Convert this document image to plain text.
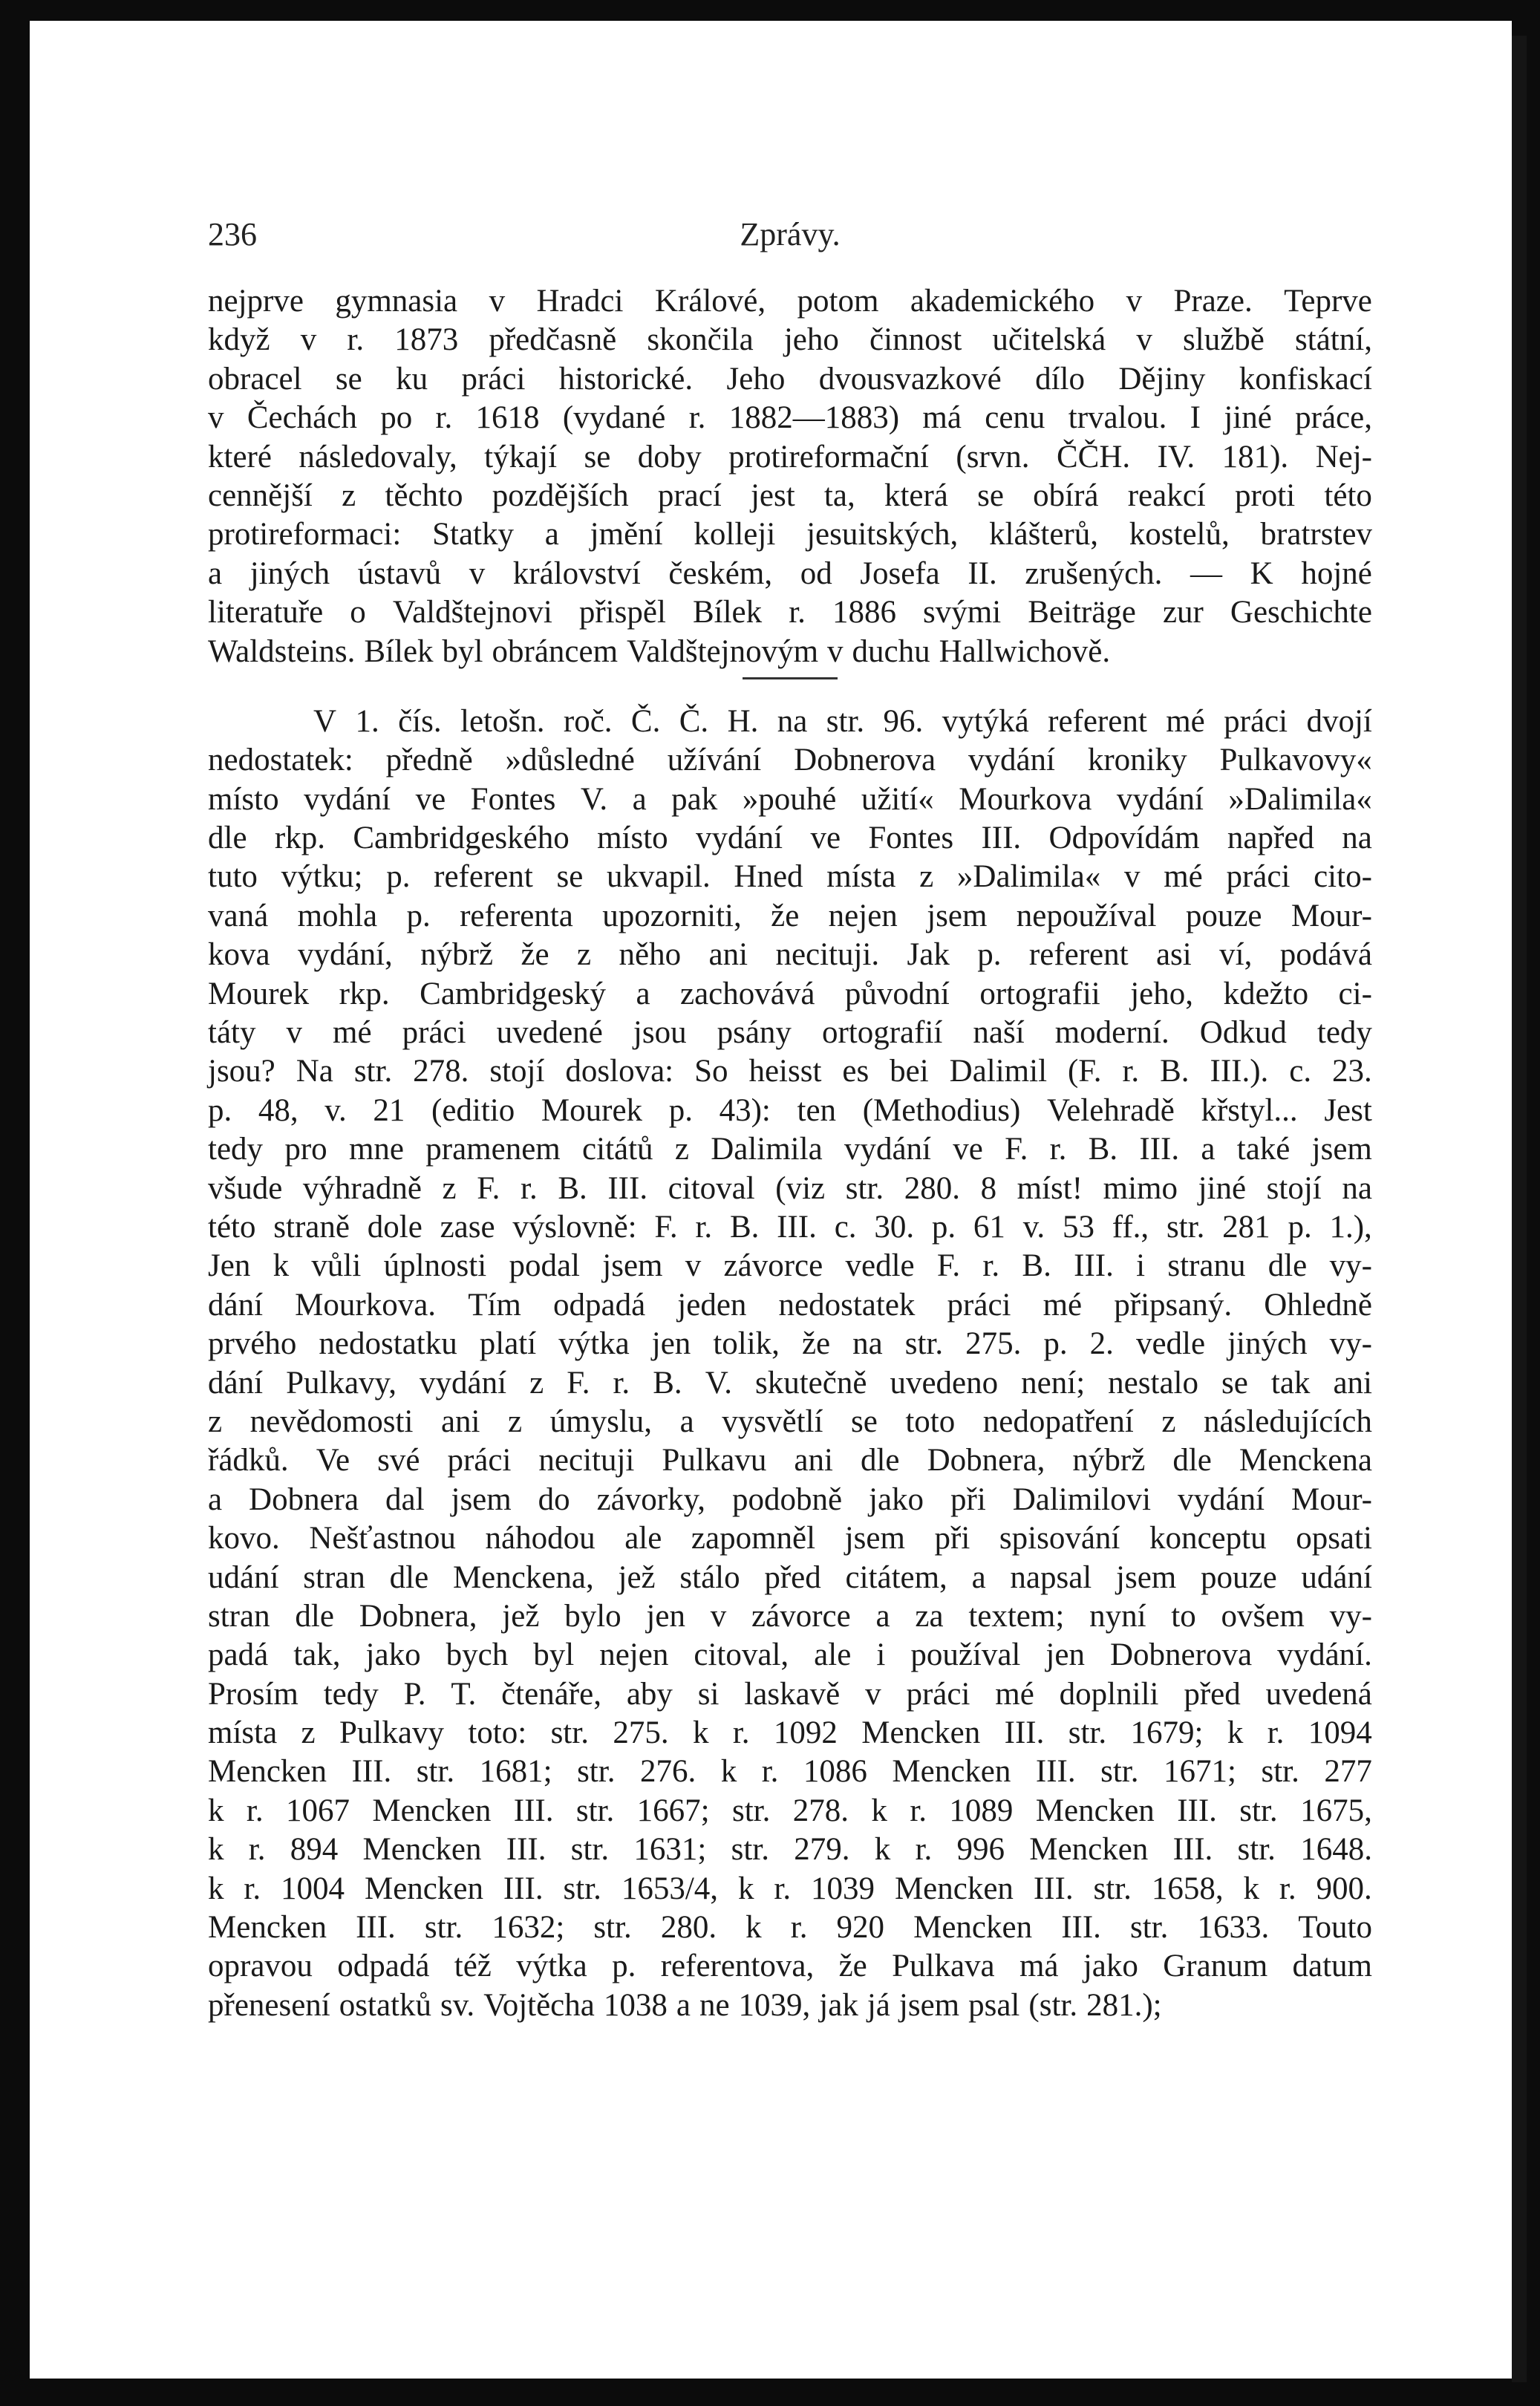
236	Zprávy.
nejprve gymnasia v Hradci Králové, potom akademického v Praze. Teprve
když v r. 1873 předčasně skončila jeho činnost učitelská v službě státní,
obracel se ku práci historické. Jeho dvousvazkové dílo Dějiny konfiskací
v Čechách po r. 1618 (vydané r. 1882—1883) má cenu trvalou. I jiné práce,
které následovaly, týkají se doby protireformační (srvn. ČČH. IV. 181). Nej-
cennější z těchto pozdějších prací jest ta, která se obírá reakcí proti této
protireformaci: Statky a jmění kolleji jesuitských, klášterů, kostelů, bratrstev
a jiných ústavů v království českém, od Josefa II. zrušených. — K hojné
literatuře o Valdštejnovi přispěl Bílek r. 1886 svými Beiträge zur Geschichte
Waldsteins. Bílek byl obráncem Valdštejnovým v duchu Hallwichově.
V 1. čís. letošn. roč. Č. Č. H. na str. 96. vytýká referent mé práci dvojí
nedostatek: předně »důsledné užívání Dobnerova vydání kroniky Pulkavovy«
místo vydání ve Fontes V. a pak »pouhé užití« Mourkova vydání »Dalimila«
dle rkp. Cambridgeského místo vydání ve Fontes III. Odpovídám napřed na
tuto výtku; p. referent se ukvapil. Hned místa z »Dalimila« v mé práci cito-
vaná mohla p. referenta upozorniti, že nejen jsem nepoužíval pouze Mour-
kova vydání, nýbrž že z něho ani necituji. Jak p. referent asi ví, podává
Mourek rkp. Cambridgeský a zachovává původní ortografii jeho, kdežto ci-
táty v mé práci uvedené jsou psány ortografií naší moderní. Odkud tedy
jsou? Na str. 278. stojí doslova: So heisst es bei Dalimil (F. r. B. III.). c. 23.
p. 48, v. 21 (editio Mourek p. 43): ten (Methodius) Velehradě křstyl... Jest
tedy pro mne pramenem citátů z Dalimila vydání ve F. r. B. III. a také jsem
všude výhradně z F. r. B. III. citoval (viz str. 280. 8 míst! mimo jiné stojí na
této straně dole zase výslovně: F. r. B. III. c. 30. p. 61 v. 53 ff., str. 281 p. 1.),
Jen k vůli úplnosti podal jsem v závorce vedle F. r. B. III. i stranu dle vy-
dání Mourkova. Tím odpadá jeden nedostatek práci mé připsaný. Ohledně
prvého nedostatku platí výtka jen tolik, že na str. 275. p. 2. vedle jiných vy-
dání Pulkavy, vydání z F. r. B. V. skutečně uvedeno není; nestalo se tak ani
z nevědomosti ani z úmyslu, a vysvětlí se toto nedopatření z následujících
řádků. Ve své práci necituji Pulkavu ani dle Dobnera, nýbrž dle Menckena
a Dobnera dal jsem do závorky, podobně jako při Dalimilovi vydání Mour-
kovo. Nešťastnou náhodou ale zapomněl jsem při spisování konceptu opsati
udání stran dle Menckena, jež stálo před citátem, a napsal jsem pouze udání
stran dle Dobnera, jež bylo jen v závorce a za textem; nyní to ovšem vy-
padá tak, jako bych byl nejen citoval, ale i používal jen Dobnerova vydání.
Prosím tedy P. T. čtenáře, aby si laskavě v práci mé doplnili před uvedená
místa z Pulkavy toto: str. 275. k r. 1092 Mencken III. str. 1679; k r. 1094
Mencken III. str. 1681; str. 276. k r. 1086 Mencken III. str. 1671; str. 277
k r. 1067 Mencken III. str. 1667; str. 278. k r. 1089 Mencken III. str. 1675,
k r. 894 Mencken III. str. 1631; str. 279. k r. 996 Mencken III. str. 1648.
k r. 1004 Mencken III. str. 1653/4, k r. 1039 Mencken III. str. 1658, k r. 900.
Mencken III. str. 1632; str. 280. k r. 920 Mencken III. str. 1633. Touto
opravou odpadá též výtka p. referentova, že Pulkava má jako Granum datum
přenesení ostatků sv. Vojtěcha 1038 a ne 1039, jak já jsem psal (str. 281.);
